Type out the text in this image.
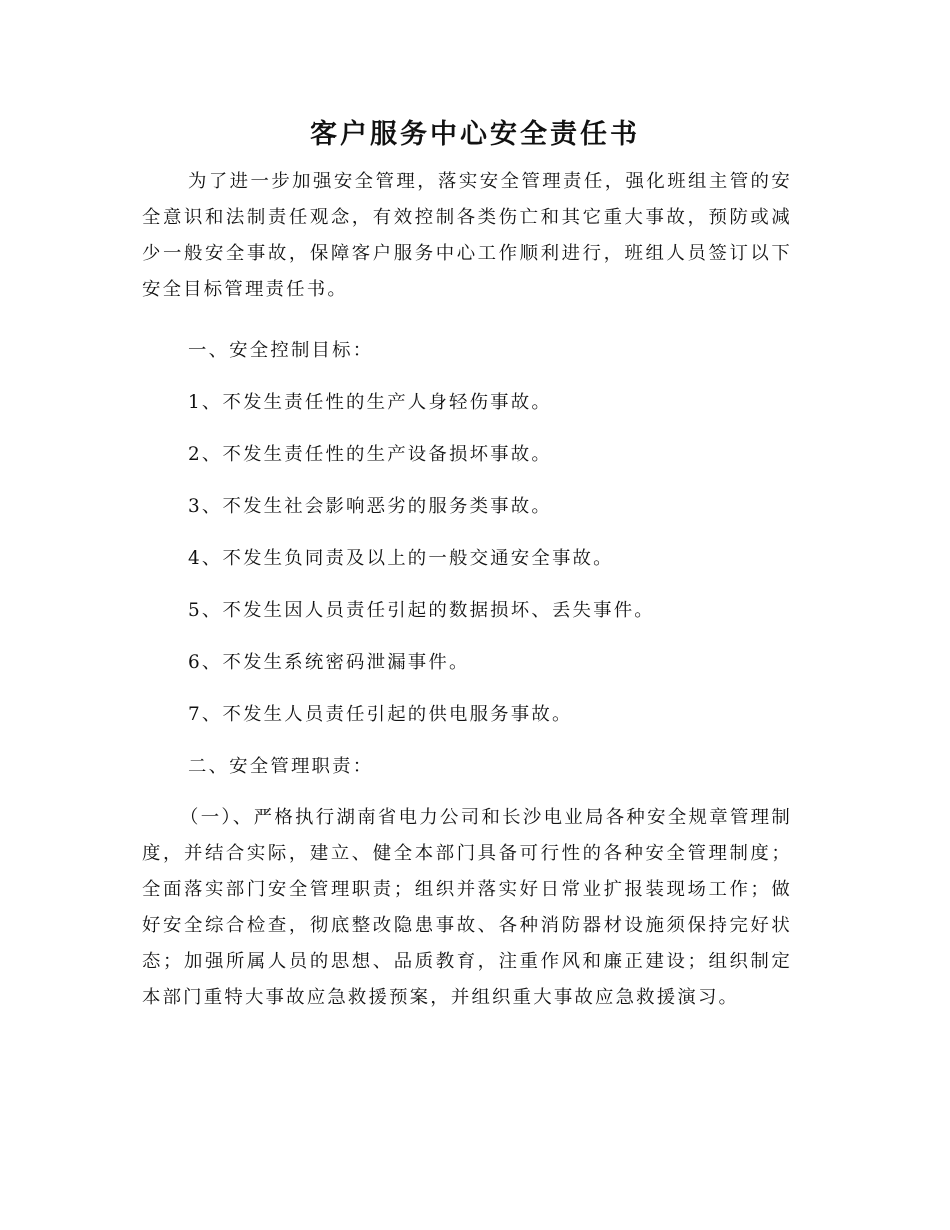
客户服务中心安全责任书

为了进一步加强安全管理，落实安全管理责任，强化班组主管的安全意识和法制责任观念，有效控制各类伤亡和其它重大事故，预防或减少一般安全事故，保障客户服务中心工作顺利进行，班组人员签订以下安全目标管理责任书。

一、安全控制目标：
1、不发生责任性的生产人身轻伤事故。
2、不发生责任性的生产设备损坏事故。
3、不发生社会影响恶劣的服务类事故。
4、不发生负同责及以上的一般交通安全事故。
5、不发生因人员责任引起的数据损坏、丢失事件。
6、不发生系统密码泄漏事件。
7、不发生人员责任引起的供电服务事故。
二、安全管理职责：

（一）、严格执行湖南省电力公司和长沙电业局各种安全规章管理制度，并结合实际，建立、健全本部门具备可行性的各种安全管理制度；全面落实部门安全管理职责；组织并落实好日常业扩报装现场工作；做好安全综合检查，彻底整改隐患事故、各种消防器材设施须保持完好状态；加强所属人员的思想、品质教育，注重作风和廉正建设；组织制定本部门重特大事故应急救援预案，并组织重大事故应急救援演习。
